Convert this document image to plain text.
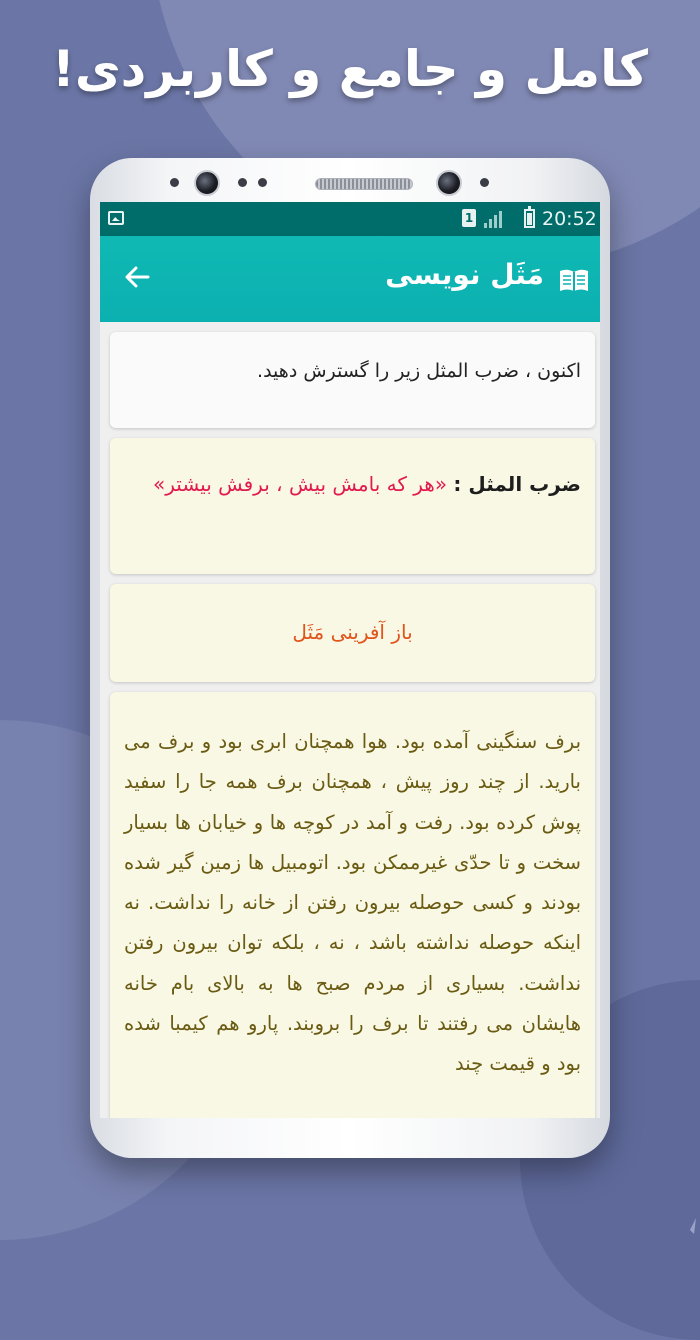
کامل و جامع و کاربردی!
1	20:52
مَثَل نویسی
اکنون ، ضرب المثل زیر را گسترش دهید.
ضرب المثل : «هر که بامش بیش ، برفش بیشتر»
باز آفرینی مَثَل
برف سنگینی آمده بود. هوا همچنان ابری بود و برف می بارید. از چند روز پیش ، همچنان برف همه جا را سفید پوش کرده بود. رفت و آمد در کوچه ها و خیابان ها بسیار سخت و تا حدّی غیرممکن بود. اتومبیل ها زمین گیر شده بودند و کسی حوصله بیرون رفتن از خانه را نداشت. نه اینکه حوصله نداشته باشد ، نه ، بلکه توان بیرون رفتن نداشت. بسیاری از مردم صبح ها به بالای بام خانه هایشان می رفتند تا برف را بروبند. پارو هم کیمبا شده بود و قیمت چند
